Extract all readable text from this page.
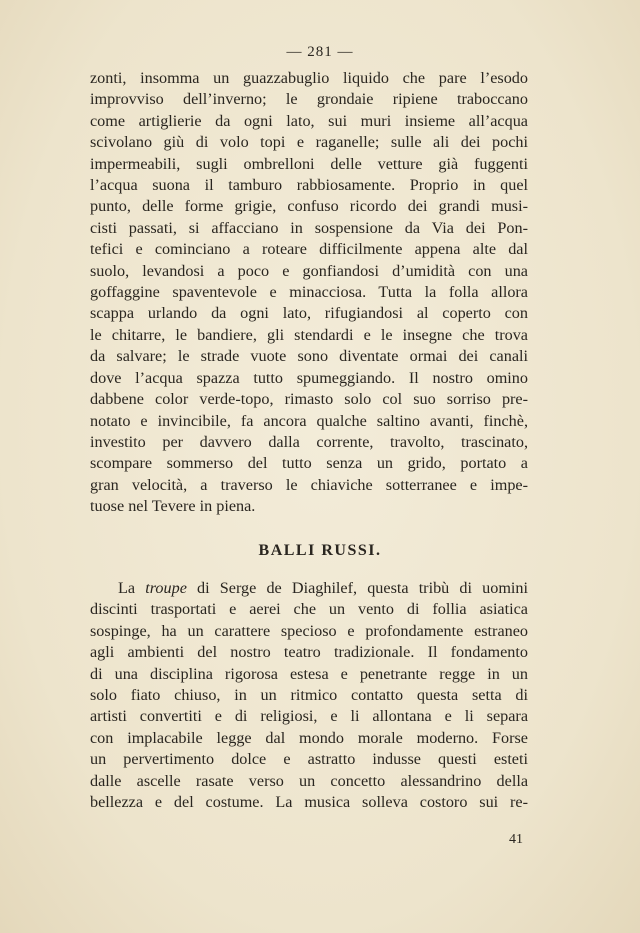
— 281 —
zonti, insomma un guazzabuglio liquido che pare l’esodo
improvviso dell’inverno; le grondaie ripiene traboccano
come artiglierie da ogni lato, sui muri insieme all’acqua
scivolano giù di volo topi e raganelle; sulle ali dei pochi
impermeabili, sugli ombrelloni delle vetture già fuggenti
l’acqua suona il tamburo rabbiosamente. Proprio in quel
punto, delle forme grigie, confuso ricordo dei grandi musi-
cisti passati, si affacciano in sospensione da Via dei Pon-
tefici e cominciano a roteare difficilmente appena alte dal
suolo, levandosi a poco e gonfiandosi d’umidità con una
goffaggine spaventevole e minacciosa. Tutta la folla allora
scappa urlando da ogni lato, rifugiandosi al coperto con
le chitarre, le bandiere, gli stendardi e le insegne che trova
da salvare; le strade vuote sono diventate ormai dei canali
dove l’acqua spazza tutto spumeggiando. Il nostro omino
dabbene color verde-topo, rimasto solo col suo sorriso pre-
notato e invincibile, fa ancora qualche saltino avanti, finchè,
investito per davvero dalla corrente, travolto, trascinato,
scompare sommerso del tutto senza un grido, portato a
gran velocità, a traverso le chiaviche sotterranee e impe-
tuose nel Tevere in piena.
BALLI RUSSI.
La troupe di Serge de Diaghilef, questa tribù di uomini
discinti trasportati e aerei che un vento di follia asiatica
sospinge, ha un carattere specioso e profondamente estraneo
agli ambienti del nostro teatro tradizionale. Il fondamento
di una disciplina rigorosa estesa e penetrante regge in un
solo fiato chiuso, in un ritmico contatto questa setta di
artisti convertiti e di religiosi, e li allontana e li separa
con implacabile legge dal mondo morale moderno. Forse
un pervertimento dolce e astratto indusse questi esteti
dalle ascelle rasate verso un concetto alessandrino della
bellezza e del costume. La musica solleva costoro sui re-
41
